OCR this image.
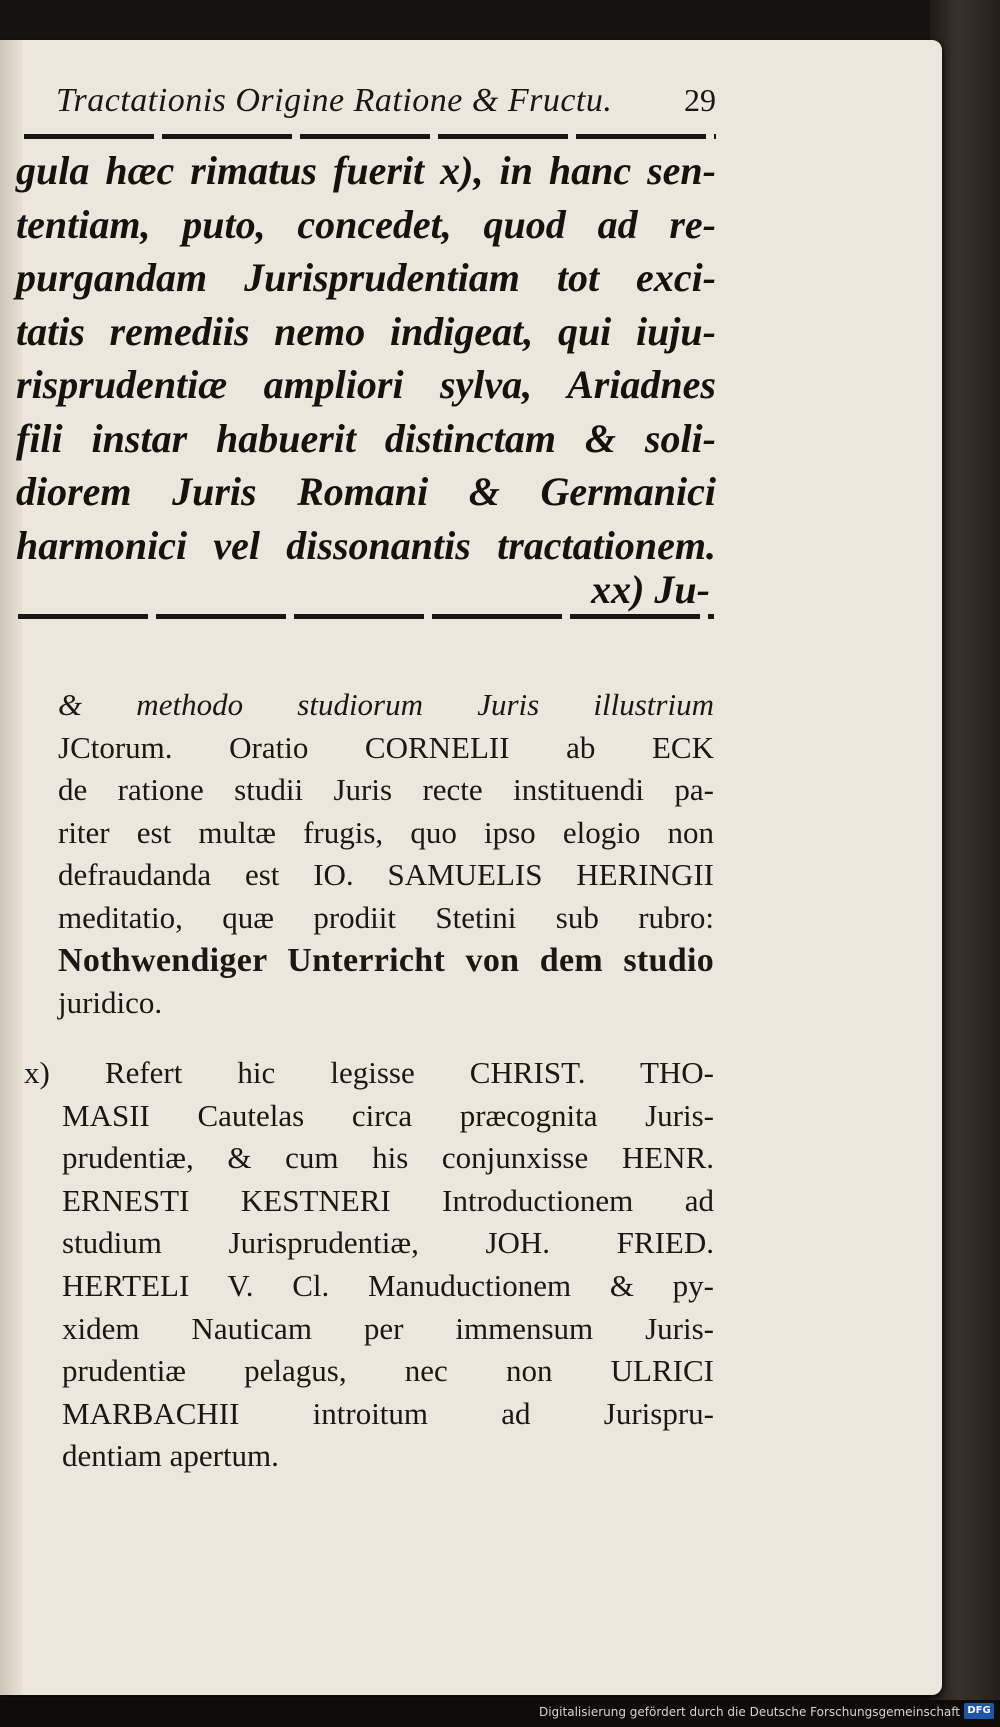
Tractationis Origine Ratione & Fructu. 29
gula hæc rimatus fuerit x), in hanc sen-
tentiam, puto, concedet, quod ad re-
purgandam Jurisprudentiam tot exci-
tatis remediis nemo indigeat, qui iuju-
risprudentiæ ampliori sylva, Ariadnes
fili instar habuerit distinctam & soli-
diorem Juris Romani & Germanici
harmonici vel dissonantis tractationem.
xx) Ju-
& methodo studiorum Juris illustrium
JCtorum. Oratio CORNELII ab ECK
de ratione studii Juris recte instituendi pa-
riter est multæ frugis, quo ipso elogio non
defraudanda est IO. SAMUELIS HERINGII
meditatio, quæ prodiit Stetini sub rubro:
Nothwendiger Unterricht von dem studio
juridico.
x) Refert hic legisse CHRIST. THO-
MASII Cautelas circa præcognita Juris-
prudentiæ, & cum his conjunxisse HENR.
ERNESTI KESTNERI Introductionem ad
studium Jurisprudentiæ, JOH. FRIED.
HERTELI V. Cl. Manuductionem & py-
xidem Nauticam per immensum Juris-
prudentiæ pelagus, nec non ULRICI
MARBACHII introitum ad Jurispru-
dentiam apertum.
Digitalisierung gefördert durch die Deutsche Forschungsgemeinschaft DFG
